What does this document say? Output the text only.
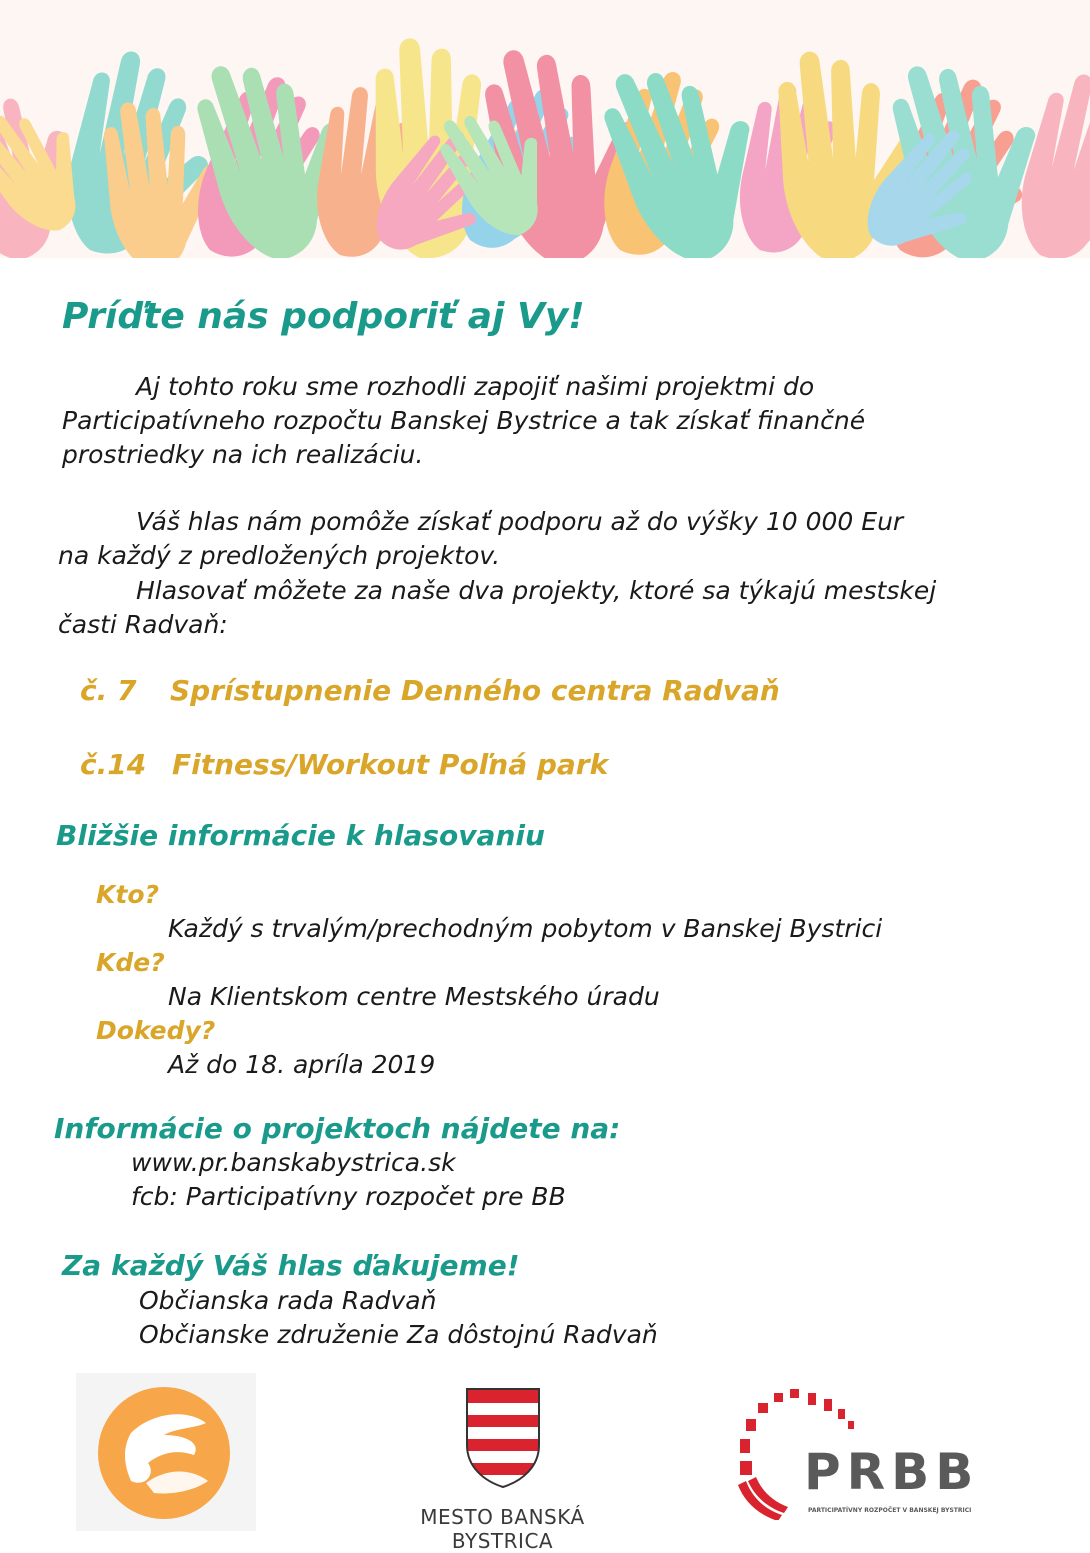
Príďte nás podporiť aj Vy!
Aj tohto roku sme rozhodli zapojiť našimi projektmi do
Participatívneho rozpočtu Banskej Bystrice a tak získať finančné
prostriedky na ich realizáciu.
Váš hlas nám pomôže získať podporu až do výšky 10 000 Eur
na každý z predložených projektov.
Hlasovať môžete za naše dva projekty, ktoré sa týkajú mestskej
časti Radvaň:
č. 7 Sprístupnenie Denného centra Radvaň
č.14 Fitness/Workout Poľná park
Bližšie informácie k hlasovaniu
Kto?
Každý s trvalým/prechodným pobytom v Banskej Bystrici
Kde?
Na Klientskom centre Mestského úradu
Dokedy?
Až do 18. apríla 2019
Informácie o projektoch nájdete na:
www.pr.banskabystrica.sk
fcb: Participatívny rozpočet pre BB
Za každý Váš hlas ďakujeme!
Občianska rada Radvaň
Občianske združenie Za dôstojnú Radvaň
MESTO BANSKÁ BYSTRICA
PRBB
PARTICIPATÍVNY ROZPOČET V BANSKEJ BYSTRICI
